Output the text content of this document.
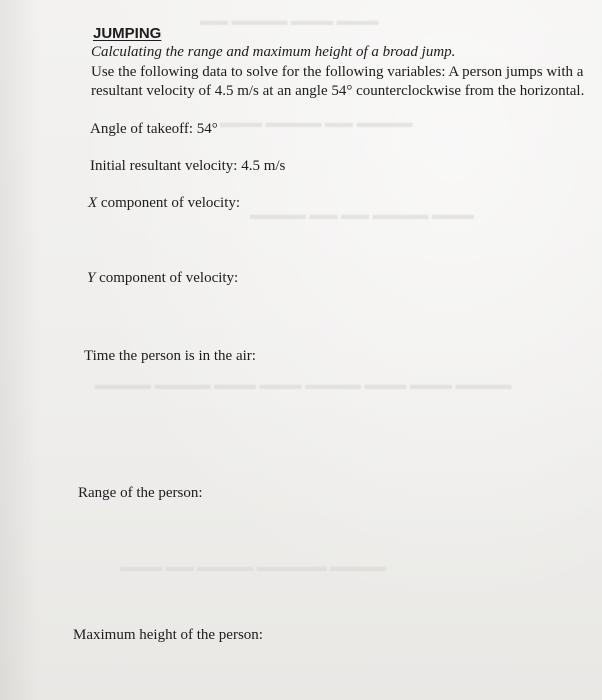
▬▬▬ ▬▬▬ ▬▬▬▬ ▬▬
▬▬▬▬ ▬▬ ▬▬▬▬ ▬▬▬
▬▬▬ ▬▬▬▬ ▬▬ ▬▬ ▬▬▬▬
▬▬▬▬ ▬▬▬ ▬▬▬ ▬▬▬▬ ▬▬▬ ▬▬▬ ▬▬▬▬ ▬▬▬▬
▬▬▬▬ ▬▬▬▬▬ ▬▬▬▬ ▬▬ ▬▬▬
JUMPING
Calculating the range and maximum height of a broad jump.
Use the following data to solve for the following variables: A person jumps with a
resultant velocity of 4.5 m/s at an angle 54° counterclockwise from the horizontal.
Angle of takeoff: 54°
Initial resultant velocity: 4.5 m/s
X component of velocity:
Y component of velocity:
Time the person is in the air:
Range of the person:
Maximum height of the person:
